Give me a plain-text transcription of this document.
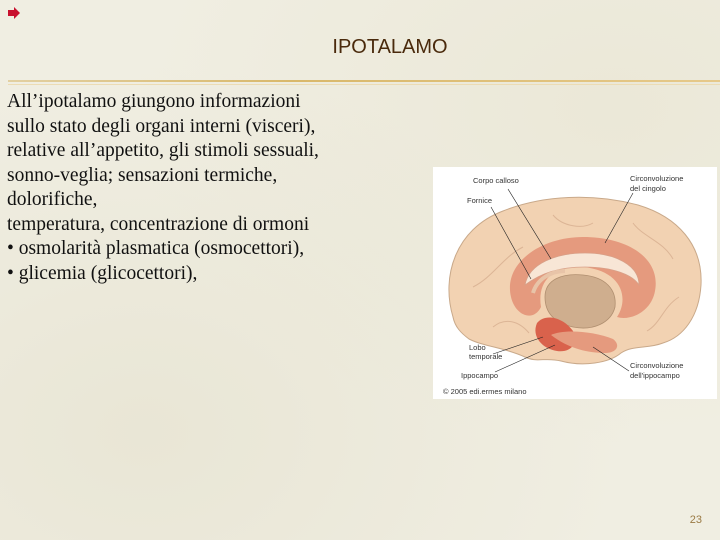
IPOTALAMO
All’ipotalamo giungono informazioni
sullo stato degli organi interni (visceri),
relative all’appetito, gli stimoli sessuali,
sonno-veglia; sensazioni termiche,
dolorifiche,
temperatura, concentrazione di ormoni
• osmolarità plasmatica (osmocettori),
• glicemia (glicocettori),
Corpo calloso
Fornice
Circonvoluzione
del cingolo
Lobo
temporale
Ippocampo
Circonvoluzione
dell'ippocampo
© 2005 edi.ermes milano
23
